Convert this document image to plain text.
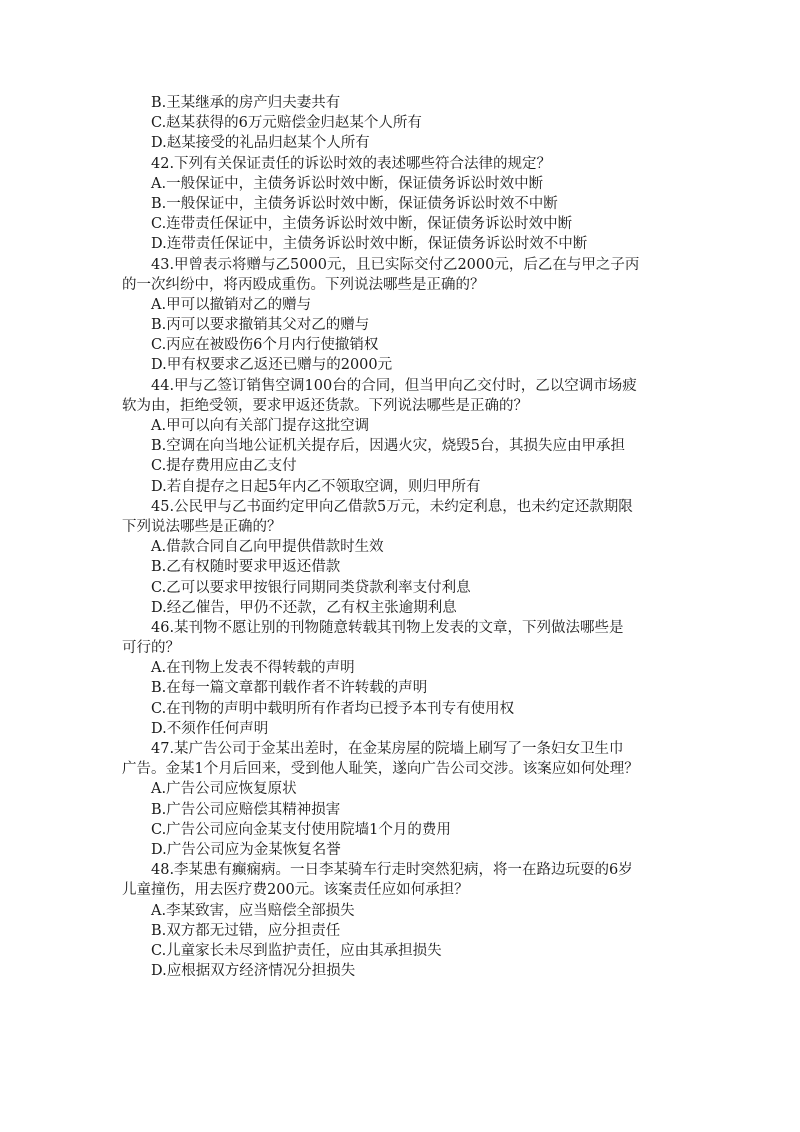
B.王某继承的房产归夫妻共有
C.赵某获得的6万元赔偿金归赵某个人所有
D.赵某接受的礼品归赵某个人所有
42.下列有关保证责任的诉讼时效的表述哪些符合法律的规定？
A.一般保证中，主债务诉讼时效中断，保证债务诉讼时效中断
B.一般保证中，主债务诉讼时效中断，保证债务诉讼时效不中断
C.连带责任保证中，主债务诉讼时效中断，保证债务诉讼时效中断
D.连带责任保证中，主债务诉讼时效中断，保证债务诉讼时效不中断
43.甲曾表示将赠与乙5000元，且已实际交付乙2000元，后乙在与甲之子丙
的一次纠纷中，将丙殴成重伤。下列说法哪些是正确的？
A.甲可以撤销对乙的赠与
B.丙可以要求撤销其父对乙的赠与
C.丙应在被殴伤6个月内行使撤销权
D.甲有权要求乙返还已赠与的2000元
44.甲与乙签订销售空调100台的合同，但当甲向乙交付时，乙以空调市场疲
软为由，拒绝受领，要求甲返还货款。下列说法哪些是正确的？
A.甲可以向有关部门提存这批空调
B.空调在向当地公证机关提存后，因遇火灾，烧毁5台，其损失应由甲承担
C.提存费用应由乙支付
D.若自提存之日起5年内乙不领取空调，则归甲所有
45.公民甲与乙书面约定甲向乙借款5万元，未约定利息，也未约定还款期限
下列说法哪些是正确的？
A.借款合同自乙向甲提供借款时生效
B.乙有权随时要求甲返还借款
C.乙可以要求甲按银行同期同类贷款利率支付利息
D.经乙催告，甲仍不还款，乙有权主张逾期利息
46.某刊物不愿让别的刊物随意转载其刊物上发表的文章，下列做法哪些是
可行的？
A.在刊物上发表不得转载的声明
B.在每一篇文章都刊载作者不许转载的声明
C.在刊物的声明中载明所有作者均已授予本刊专有使用权
D.不须作任何声明
47.某广告公司于金某出差时，在金某房屋的院墙上刷写了一条妇女卫生巾
广告。金某1个月后回来，受到他人耻笑，遂向广告公司交涉。该案应如何处理？
A.广告公司应恢复原状
B.广告公司应赔偿其精神损害
C.广告公司应向金某支付使用院墙1个月的费用
D.广告公司应为金某恢复名誉
48.李某患有癫痫病。一日李某骑车行走时突然犯病，将一在路边玩耍的6岁
儿童撞伤，用去医疗费200元。该案责任应如何承担？
A.李某致害，应当赔偿全部损失
B.双方都无过错，应分担责任
C.儿童家长未尽到监护责任，应由其承担损失
D.应根据双方经济情况分担损失
